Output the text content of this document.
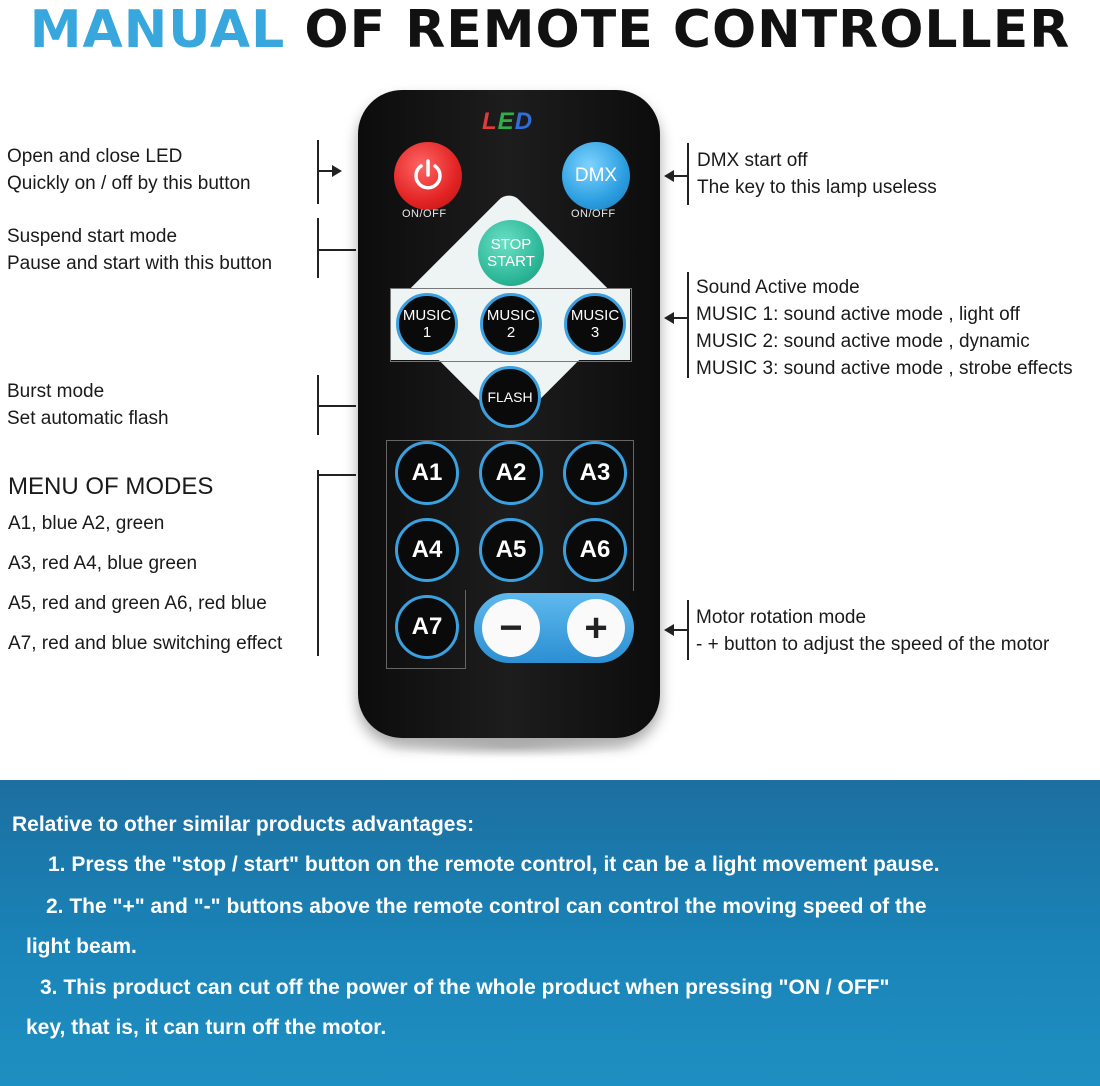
MANUAL OF REMOTE CONTROLLER
Open and close LED
Quickly on / off by this button
Suspend start mode
Pause and start with this button
Burst mode
Set automatic flash
MENU OF MODES
A1, blue A2, green
A3, red A4, blue green
A5, red and green A6, red blue
A7, red and blue switching effect
DMX start off
The key to this lamp useless
Sound Active mode
MUSIC 1: sound active mode , light off
MUSIC 2: sound active mode , dynamic
MUSIC 3: sound active mode , strobe effects
Motor rotation mode
- + button to adjust the speed of the motor
LED
ON/OFF
DMX
ON/OFF
STOP
START
MUSIC
1
MUSIC
2
MUSIC
3
FLASH
A1 A2 A3
A4 A5 A6
A7 − +
Relative to other similar products advantages:
1. Press the "stop / start" button on the remote control, it can be a light movement pause.
2. The "+" and "-" buttons above the remote control can control the moving speed of the
light beam.
3. This product can cut off the power of the whole product when pressing "ON / OFF"
key, that is, it can turn off the motor.
